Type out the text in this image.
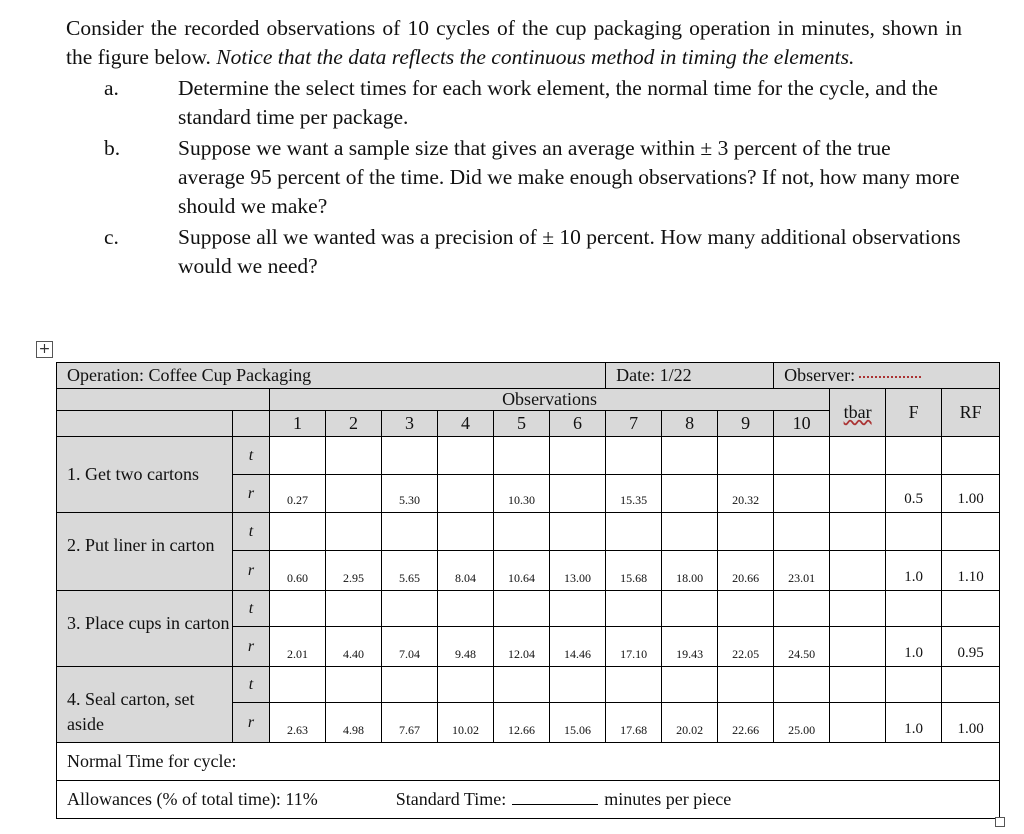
Consider the recorded observations of 10 cycles of the cup packaging operation in minutes, shown in the figure below. Notice that the data reflects the continuous method in timing the elements.

a.	Determine the select times for each work element, the normal time for the cycle, and the standard time per package.
b.	Suppose we want a sample size that gives an average within ± 3 percent of the true average 95 percent of the time. Did we make enough observations? If not, how many more should we make?
c.	Suppose all we wanted was a precision of ± 10 percent. How many additional observations would we need?
+
Operation: Coffee Cup Packaging								Date: 1/22			Observer:			
		Observations										tbar	F	RF
		1	2	3	4	5	6	7	8	9	10			
1. Get two cartons	t													
	r	0.27		5.30		10.30		15.35		20.32			0.5	1.00
2. Put liner in carton	t													
	r	0.60	2.95	5.65	8.04	10.64	13.00	15.68	18.00	20.66	23.01		1.0	1.10
3. Place cups in carton	t													
	r	2.01	4.40	7.04	9.48	12.04	14.46	17.10	19.43	22.05	24.50		1.0	0.95
4. Seal carton, set aside	t													
	r	2.63	4.98	7.67	10.02	12.66	15.06	17.68	20.02	22.66	25.00		1.0	1.00
Normal Time for cycle:														
Allowances (% of total time): 11% Standard Time: minutes per piece														
